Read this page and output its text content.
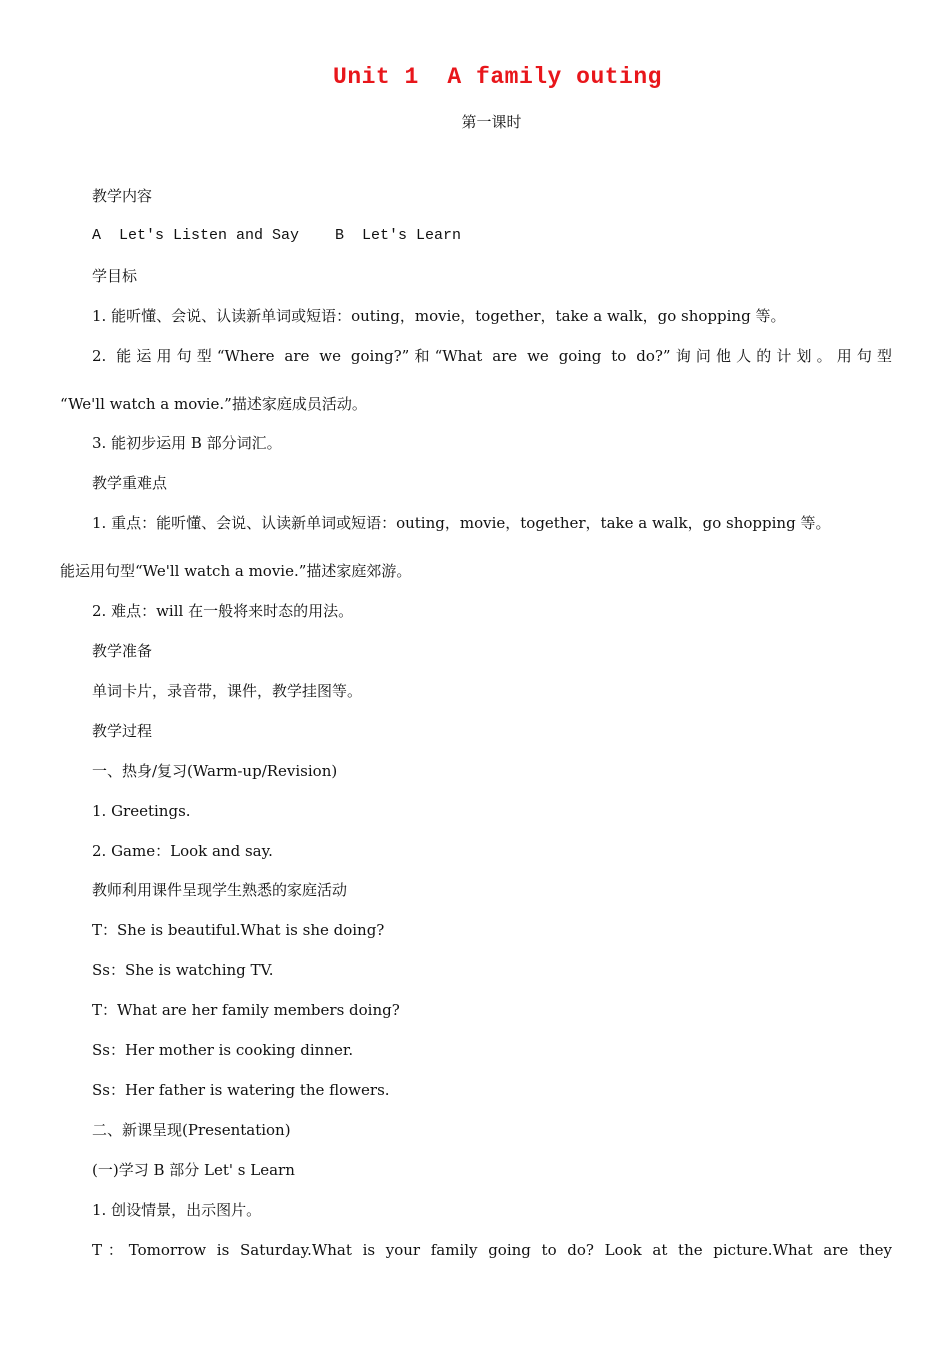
Unit 1  A family outing
第一课时
教学内容
A  Let's Listen and Say    B  Let's Learn
学目标
1. 能听懂、会说、认读新单词或短语：outing，movie，together，take a walk，go shopping 等。
2. 能运用句型“Where are we going?”和“What are we going to do?”询问他人的计划。用句型
“We'll watch a movie.”描述家庭成员活动。
3. 能初步运用 B 部分词汇。
教学重难点
1. 重点：能听懂、会说、认读新单词或短语：outing，movie，together，take a walk，go shopping 等。
能运用句型“We'll watch a movie.”描述家庭郊游。
2. 难点：will 在一般将来时态的用法。
教学准备
单词卡片，录音带，课件，教学挂图等。
教学过程
一、热身/复习(Warm-up/Revision)
1. Greetings.
2. Game：Look and say.
教师利用课件呈现学生熟悉的家庭活动
T：She is beautiful.What is she doing?
Ss：She is watching TV.
T：What are her family members doing?
Ss：Her mother is cooking dinner.
Ss：Her father is watering the flowers.
二、新课呈现(Presentation)
(一)学习 B 部分 Let' s Learn
1. 创设情景，出示图片。
T：Tomorrow is Saturday.What is your family going to do? Look at the picture.What are they
